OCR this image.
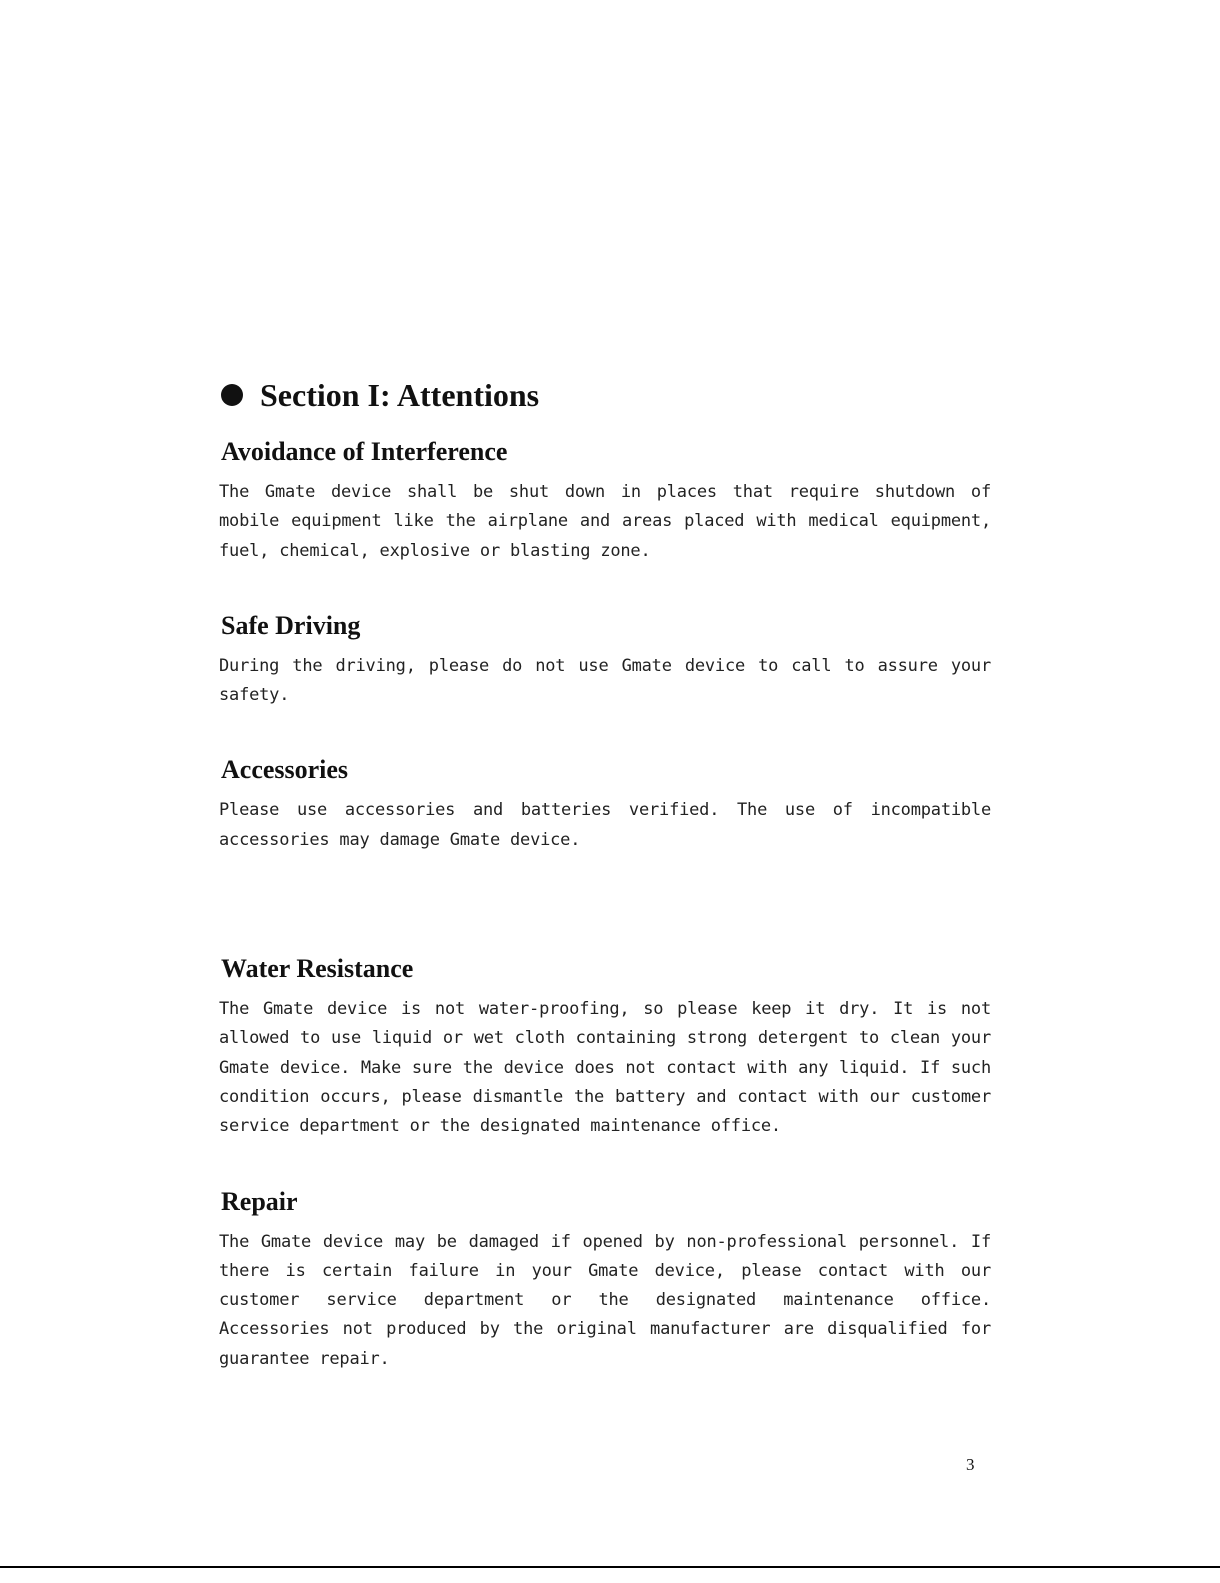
Section I: Attentions
Avoidance of Interference

The Gmate device shall be shut down in places that require shutdown of mobile equipment like the airplane and areas placed with medical equipment, fuel, chemical, explosive or blasting zone.

Safe Driving

During the driving, please do not use Gmate device to call to assure your safety.

Accessories

Please use accessories and batteries verified. The use of incompatible accessories may damage Gmate device.

Water Resistance

The Gmate device is not water-proofing, so please keep it dry. It is not allowed to use liquid or wet cloth containing strong detergent to clean your Gmate device. Make sure the device does not contact with any liquid. If such condition occurs, please dismantle the battery and contact with our customer service department or the designated maintenance office.

Repair

The Gmate device may be damaged if opened by non-professional personnel. If there is certain failure in your Gmate device, please contact with our customer service department or the designated maintenance office. Accessories not produced by the original manufacturer are disqualified for guarantee repair.

3
